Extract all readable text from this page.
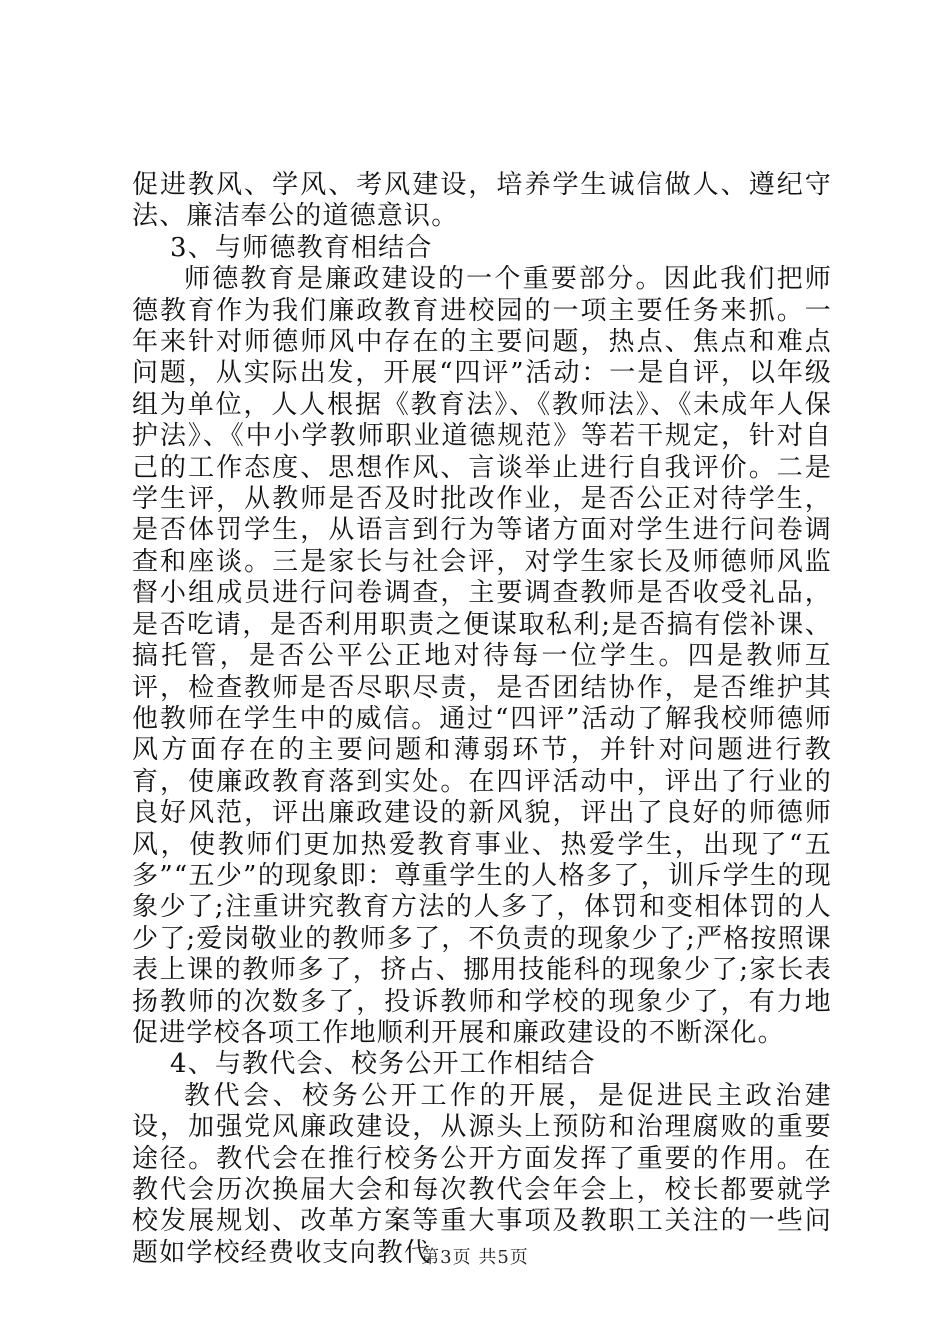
促进教风、学风、考风建设，培养学生诚信做人、遵纪守法、廉洁奉公的道德意识。

3、与师德教育相结合

师德教育是廉政建设的一个重要部分。因此我们把师德教育作为我们廉政教育进校园的一项主要任务来抓。一年来针对师德师风中存在的主要问题，热点、焦点和难点问题，从实际出发，开展“四评”活动：一是自评，以年级组为单位，人人根据《教育法》、《教师法》、《未成年人保护法》、《中小学教师职业道德规范》等若干规定，针对自己的工作态度、思想作风、言谈举止进行自我评价。二是学生评，从教师是否及时批改作业，是否公正对待学生，是否体罚学生，从语言到行为等诸方面对学生进行问卷调查和座谈。三是家长与社会评，对学生家长及师德师风监督小组成员进行问卷调查，主要调查教师是否收受礼品，是否吃请，是否利用职责之便谋取私利;是否搞有偿补课、搞托管，是否公平公正地对待每一位学生。四是教师互评，检查教师是否尽职尽责，是否团结协作，是否维护其他教师在学生中的威信。通过“四评”活动了解我校师德师风方面存在的主要问题和薄弱环节，并针对问题进行教育，使廉政教育落到实处。在四评活动中，评出了行业的良好风范，评出廉政建设的新风貌，评出了良好的师德师风，使教师们更加热爱教育事业、热爱学生，出现了“五多”“五少”的现象即：尊重学生的人格多了，训斥学生的现象少了;注重讲究教育方法的人多了，体罚和变相体罚的人少了;爱岗敬业的教师多了，不负责的现象少了;严格按照课表上课的教师多了，挤占、挪用技能科的现象少了;家长表扬教师的次数多了，投诉教师和学校的现象少了，有力地促进学校各项工作地顺利开展和廉政建设的不断深化。

4、与教代会、校务公开工作相结合

教代会、校务公开工作的开展，是促进民主政治建设，加强党风廉政建设，从源头上预防和治理腐败的重要途径。教代会在推行校务公开方面发挥了重要的作用。在教代会历次换届大会和每次教代会年会上，校长都要就学校发展规划、改革方案等重大事项及教职工关注的一些问题如学校经费收支向教代

第3页 共5页
